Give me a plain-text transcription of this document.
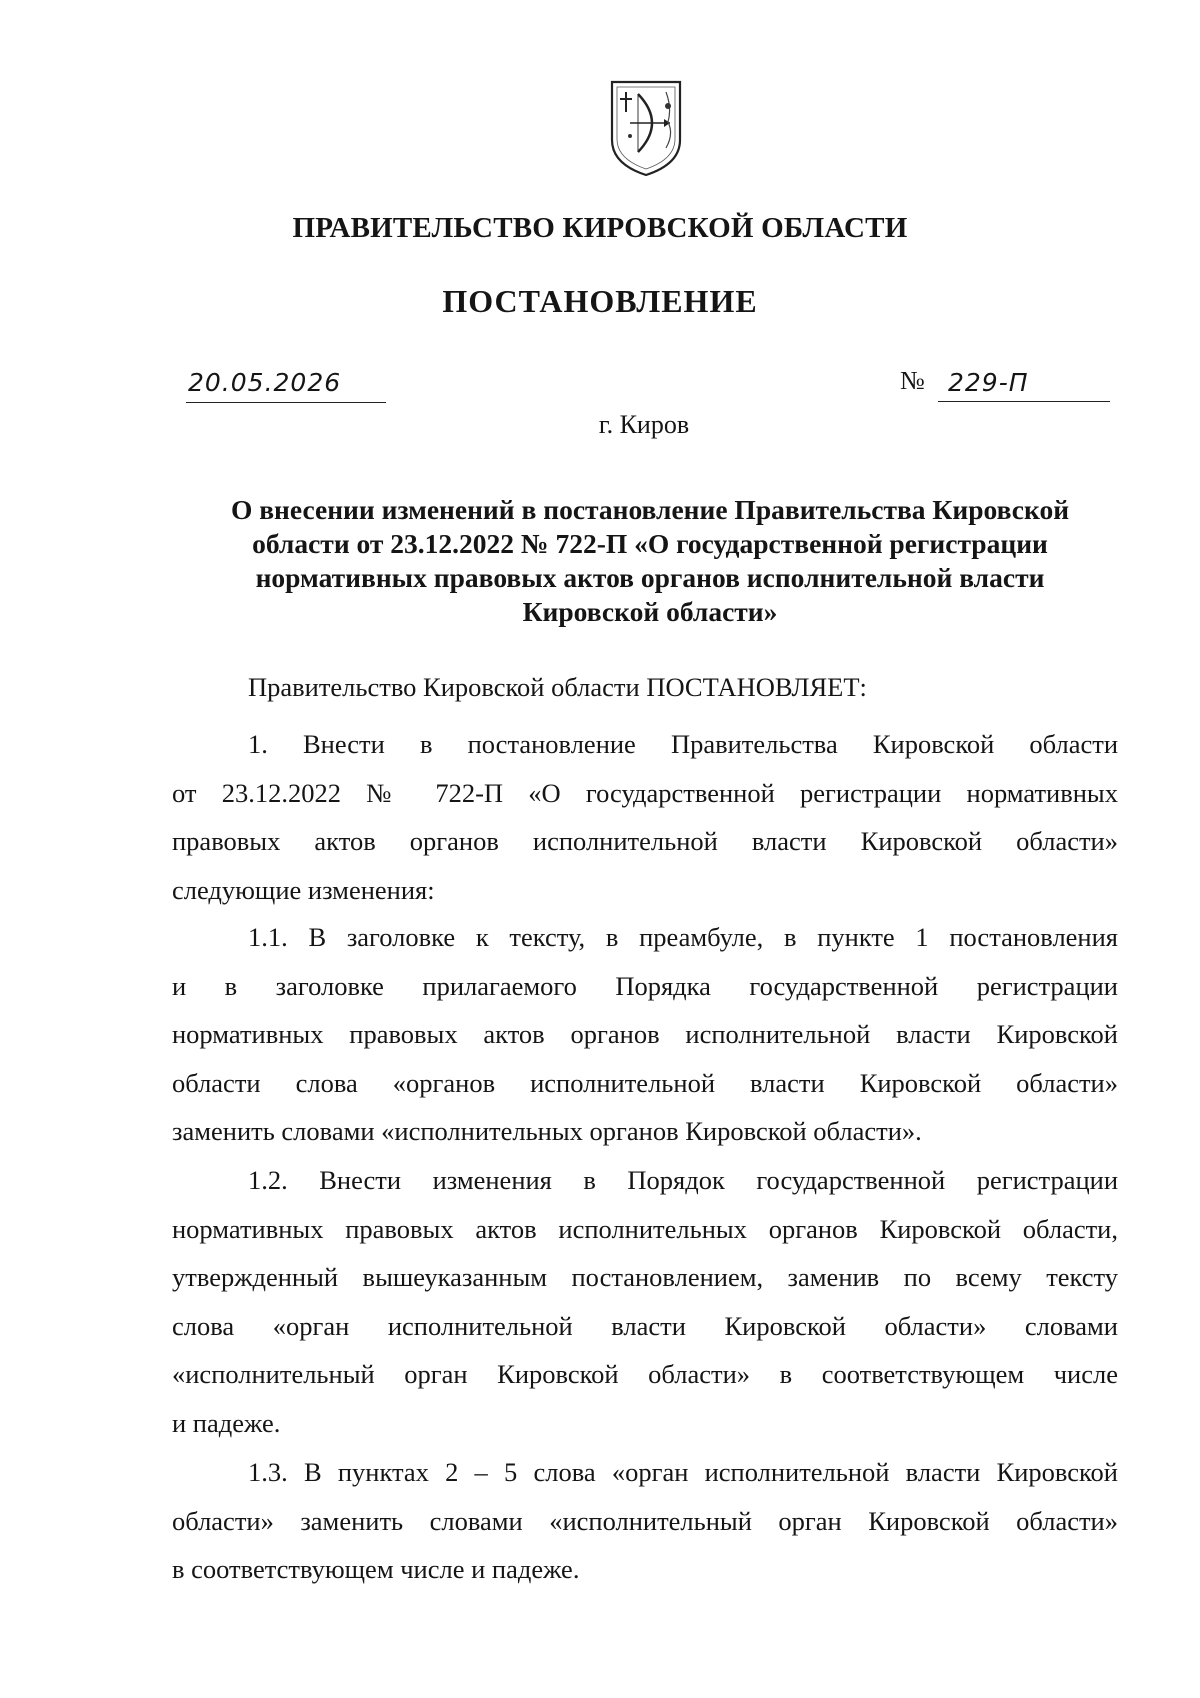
ПРАВИТЕЛЬСТВО КИРОВСКОЙ ОБЛАСТИ
ПОСТАНОВЛЕНИЕ
20.05.2026	№ 229-П
г. Киров
О внесении изменений в постановление Правительства Кировской
области от 23.12.2022 № 722-П «О государственной регистрации
нормативных правовых актов органов исполнительной власти
Кировской области»
Правительство Кировской области ПОСТАНОВЛЯЕТ:
1. Внести в постановление Правительства Кировской области
от 23.12.2022 № 722-П «О государственной регистрации нормативных
правовых актов органов исполнительной власти Кировской области»
следующие изменения:
1.1. В заголовке к тексту, в преамбуле, в пункте 1 постановления
и в заголовке прилагаемого Порядка государственной регистрации
нормативных правовых актов органов исполнительной власти Кировской
области слова «органов исполнительной власти Кировской области»
заменить словами «исполнительных органов Кировской области».
1.2. Внести изменения в Порядок государственной регистрации
нормативных правовых актов исполнительных органов Кировской области,
утвержденный вышеуказанным постановлением, заменив по всему тексту
слова «орган исполнительной власти Кировской области» словами
«исполнительный орган Кировской области» в соответствующем числе
и падеже.
1.3. В пунктах 2 – 5 слова «орган исполнительной власти Кировской
области» заменить словами «исполнительный орган Кировской области»
в соответствующем числе и падеже.
